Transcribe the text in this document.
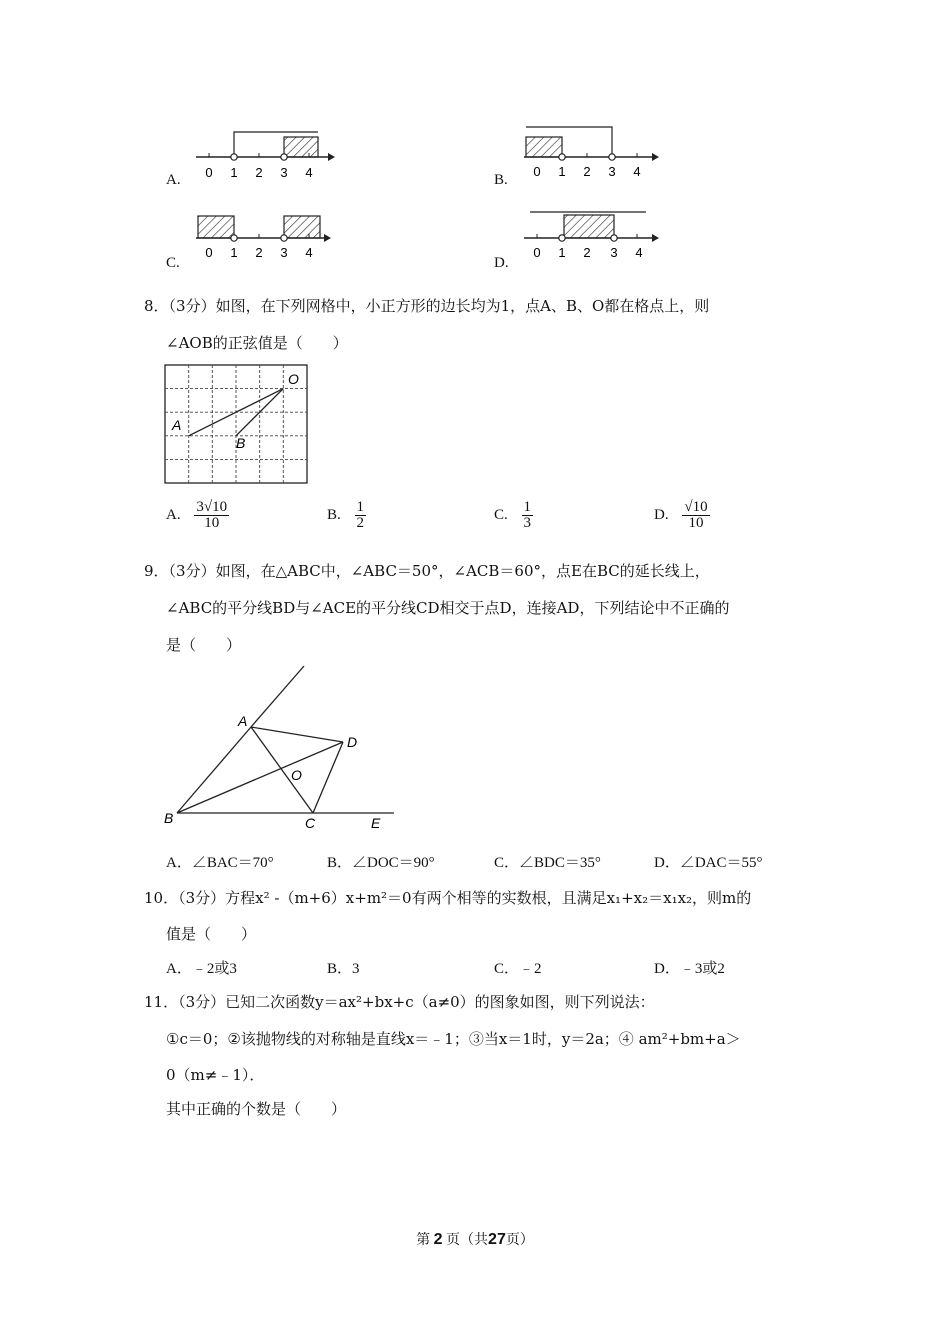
A. 0 1 2 3 4	B.
0 1 2 3 4
C.
0 1 2 3 4
D.
0 1 2 3 4
8．（3分）如图，在下列网格中，小正方形的边长均为1，点A、B、O都在格点上，则
∠AOB的正弦值是（　　）
O
A
B
A. $\frac{3√10}{10}$	B. $\frac{1}{2}$	C. $\frac{1}{3}$	D. $\frac{√10}{10}$
9．（3分）如图，在△ABC中，∠ABC＝50°，∠ACB＝60°，点E在BC的延长线上，
∠ABC的平分线BD与∠ACE的平分线CD相交于点D，连接AD，下列结论中不正确的
是（　　）
A
D
O
B	C	E
A．∠BAC＝70°	B．∠DOC＝90°	C．∠BDC＝35°	D．∠DAC＝55°
10．（3分）方程x² -（m+6）x+m²＝0有两个相等的实数根，且满足x₁+x₂＝x₁x₂，则m的
值是（　　）
A．﹣2或3	B．3	C．﹣2	D．﹣3或2
11．（3分）已知二次函数y＝ax²+bx+c（a≠0）的图象如图，则下列说法：
①c＝0；②该抛物线的对称轴是直线x＝﹣1；③当x＝1时，y＝2a；④ am²+bm+a＞
0（m≠﹣1）．
其中正确的个数是（　　）
第 2 页（共27页）
